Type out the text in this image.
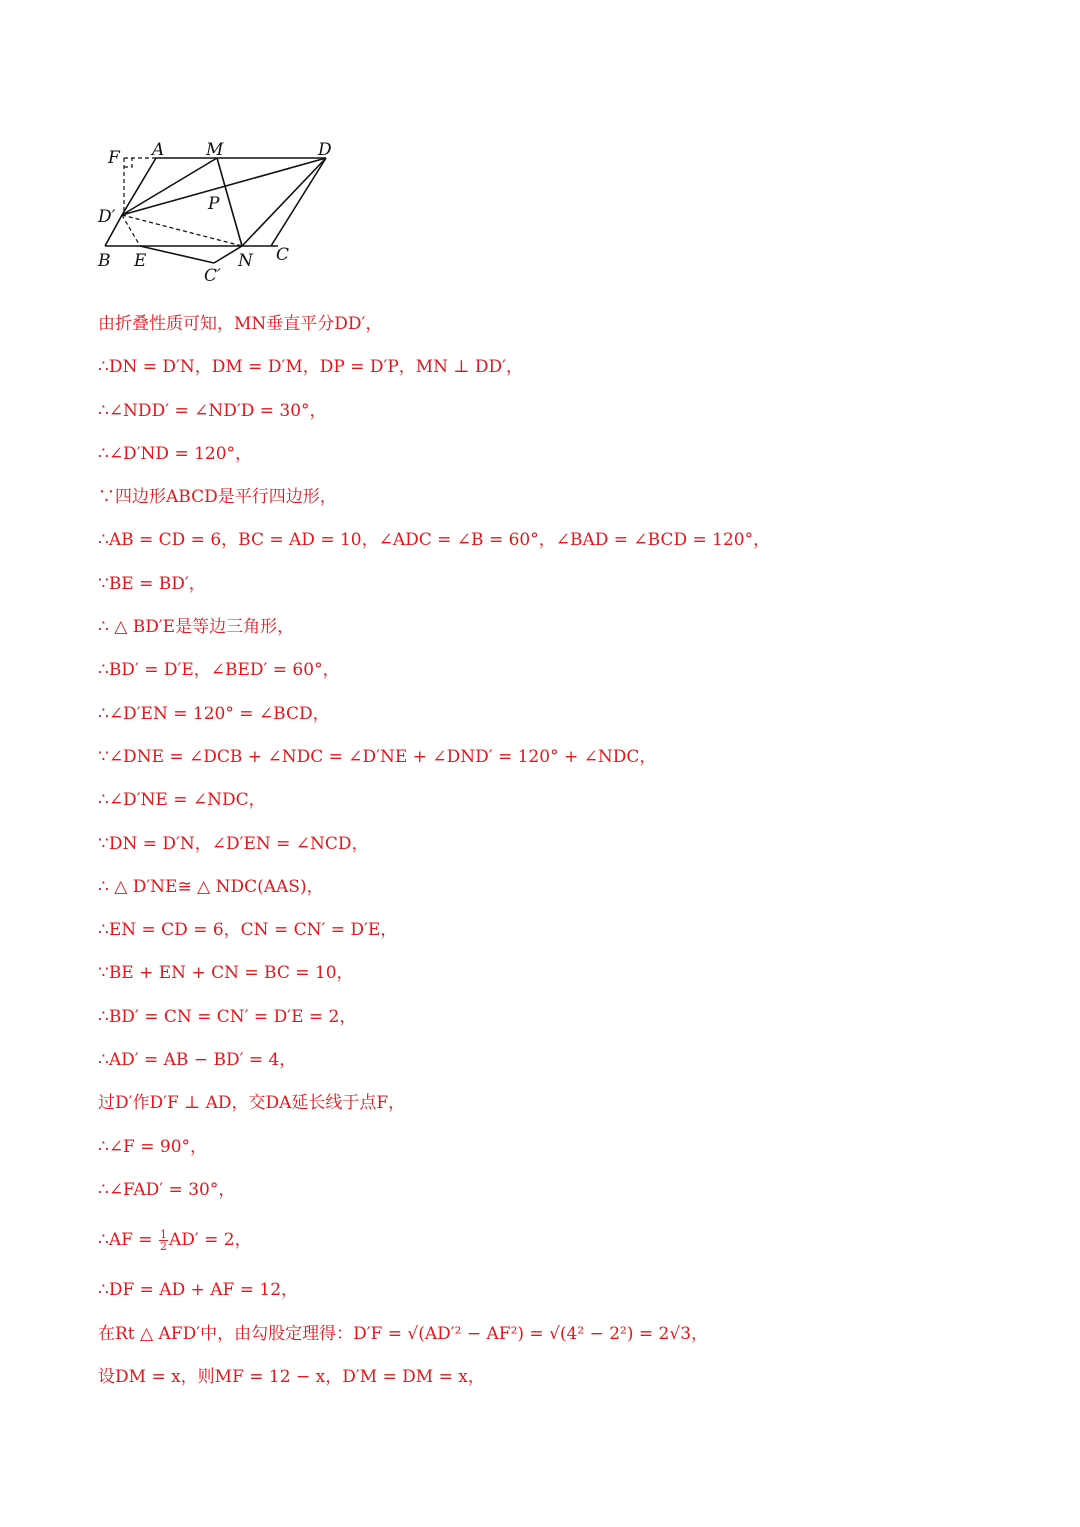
F A M	D
P
D′
B E
C′
N C
由折叠性质可知，MN垂直平分DD′，
∴DN = D′N，DM = D′M，DP = D′P，MN ⊥ DD′，
∴∠NDD′ = ∠ND′D = 30°，
∴∠D′ND = 120°，
∵四边形ABCD是平行四边形，
∴AB = CD = 6，BC = AD = 10，∠ADC = ∠B = 60°，∠BAD = ∠BCD = 120°，
∵BE = BD′，
∴ △ BD′E是等边三角形，
∴BD′ = D′E，∠BED′ = 60°，
∴∠D′EN = 120° = ∠BCD，
∵∠DNE = ∠DCB + ∠NDC = ∠D′NE + ∠DND′ = 120° + ∠NDC，
∴∠D′NE = ∠NDC，
∵DN = D′N，∠D′EN = ∠NCD，
∴ △ D′NE≅ △ NDC(AAS)，
∴EN = CD = 6，CN = CN′ = D′E，
∵BE + EN + CN = BC = 10，
∴BD′ = CN = CN′ = D′E = 2，
∴AD′ = AB − BD′ = 4，
过D′作D′F ⊥ AD，交DA延长线于点F，
∴∠F = 90°，
∴∠FAD′ = 30°，
∴AF = $\frac{1}{2} AD' = 2$，
∴DF = AD + AF = 12，
在Rt △ AFD′中，由勾股定理得：D′F = √(AD′² − AF²) = √(4² − 2²) = 2√3，
设DM = x，则MF = 12 − x，D′M = DM = x，
